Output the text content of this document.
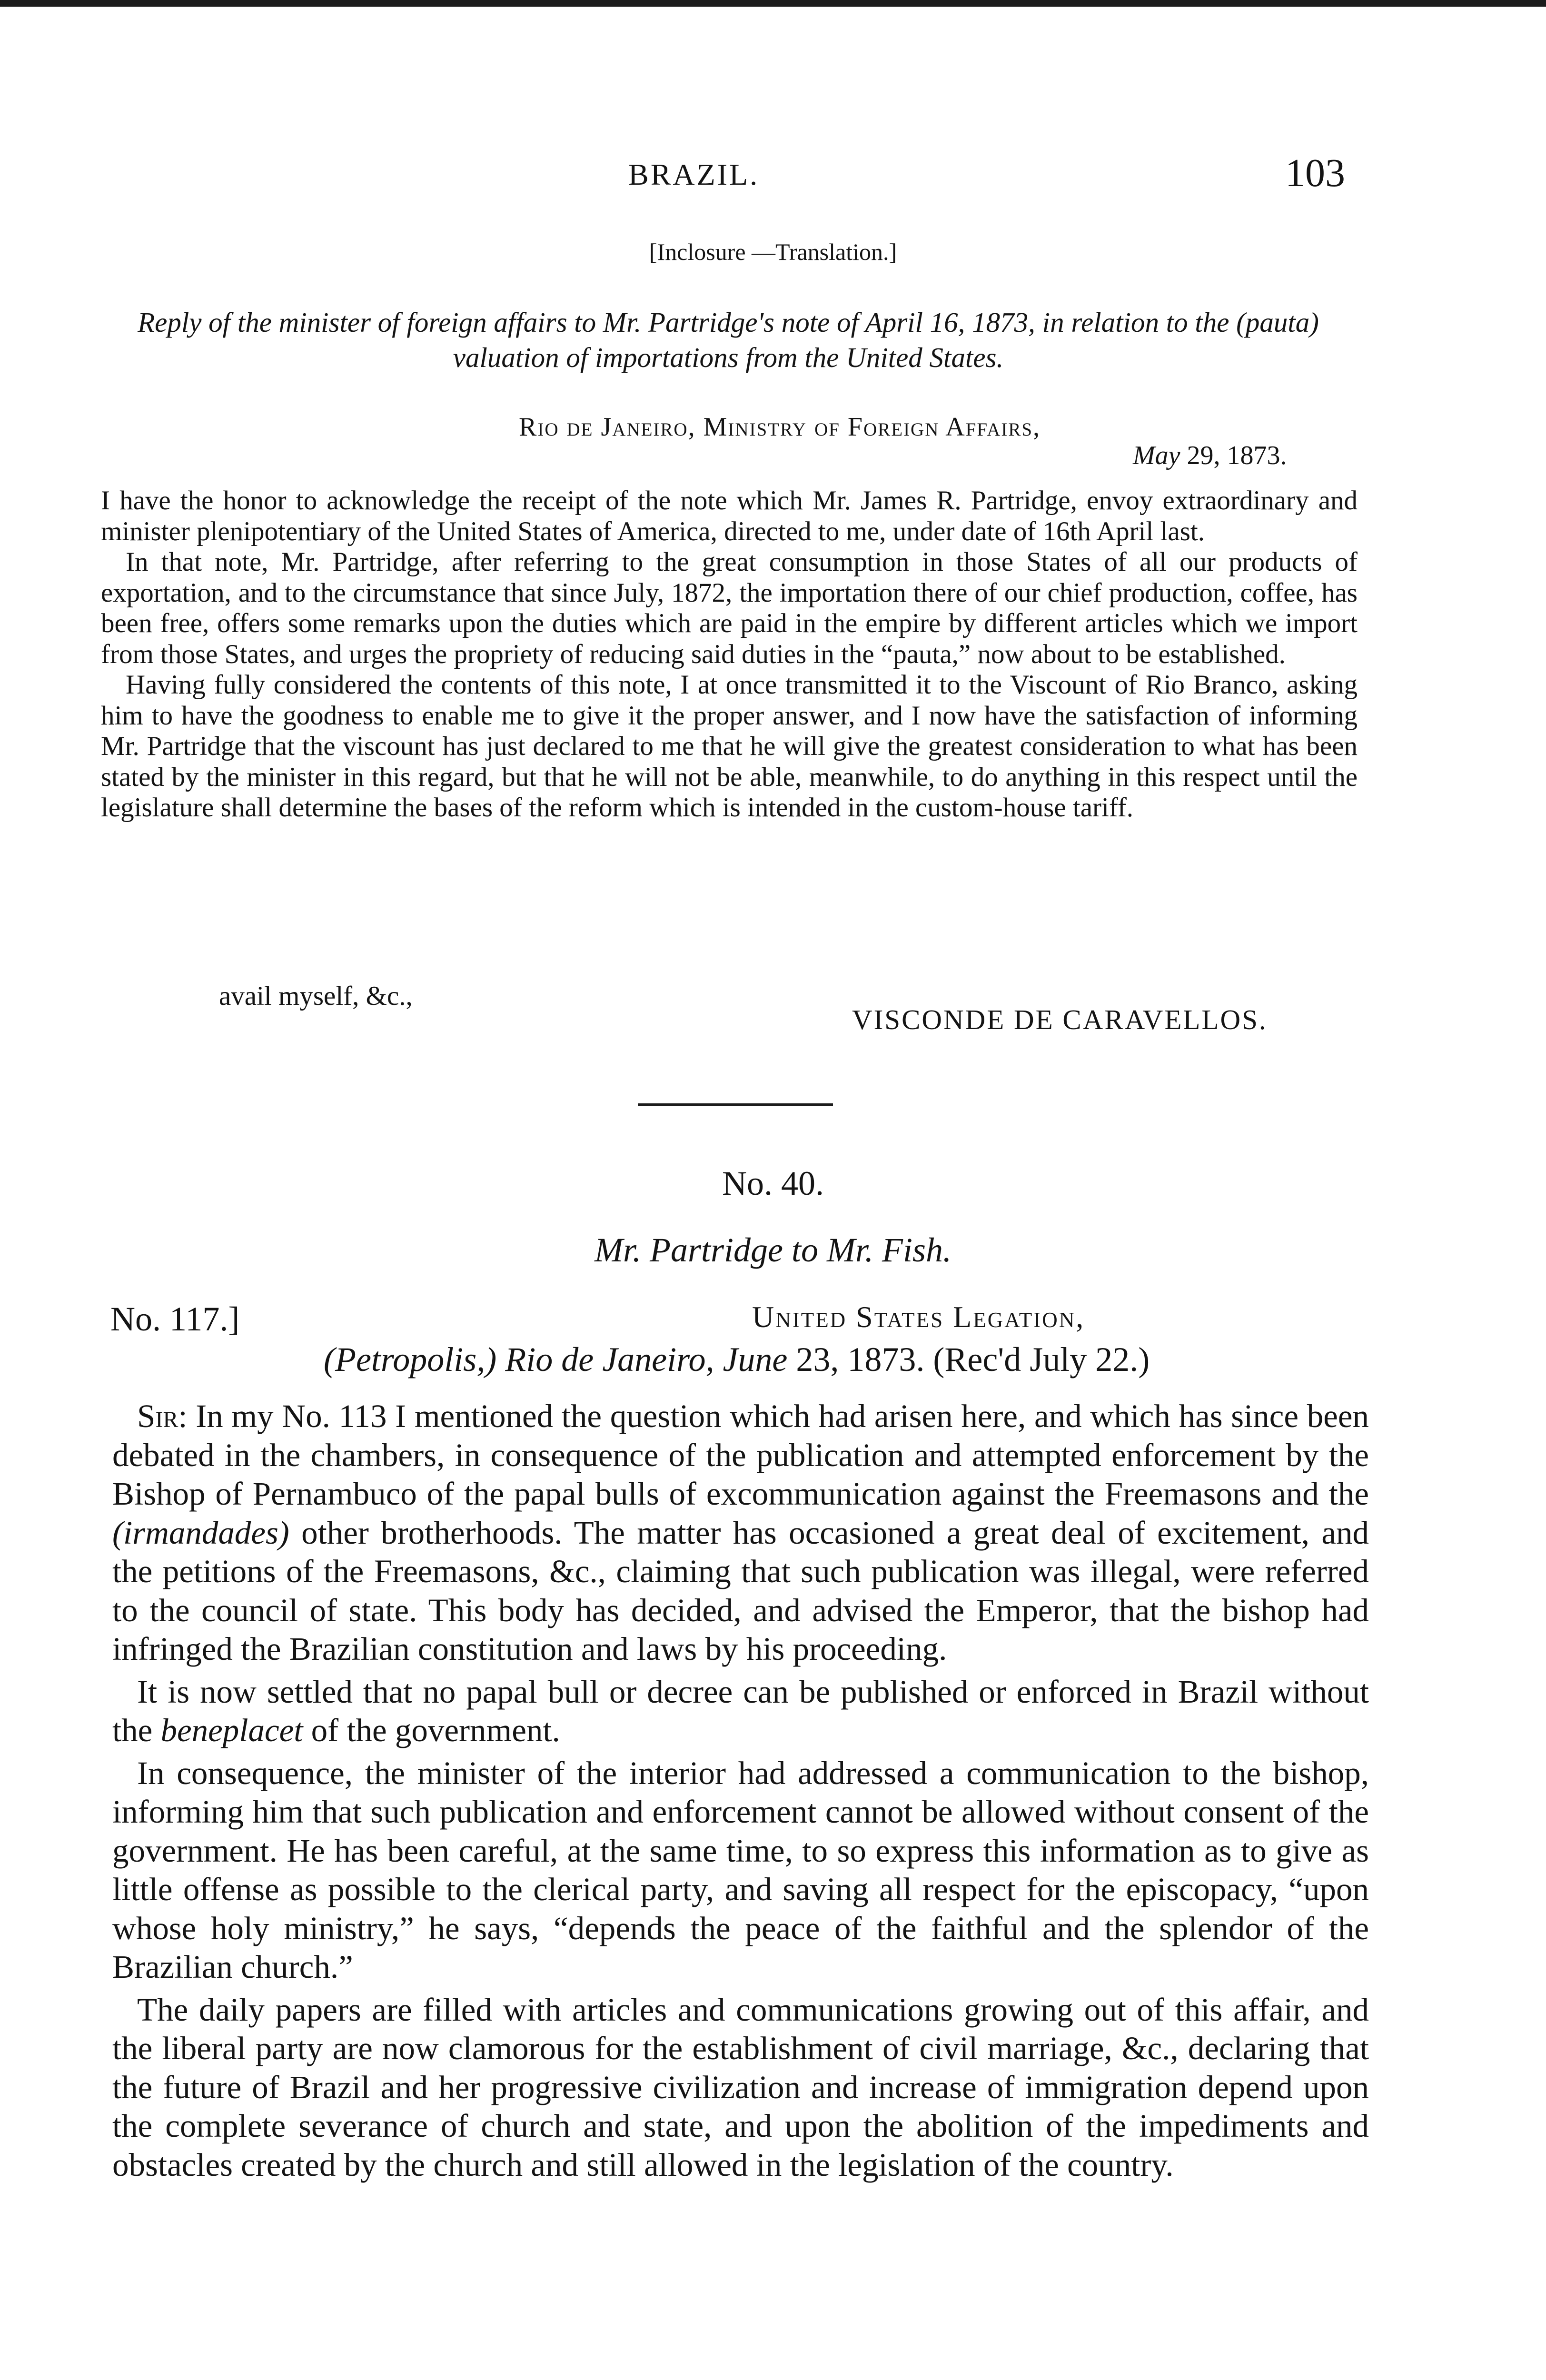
BRAZIL.	103
[Inclosure —Translation.]
Reply of the minister of foreign affairs to Mr. Partridge's note of April 16, 1873, in relation to the (pauta) valuation of importations from the United States.
Rio de Janeiro, Ministry of Foreign Affairs,
May 29, 1873.

I have the honor to acknowledge the receipt of the note which Mr. James R. Partridge, envoy extraordinary and minister plenipotentiary of the United States of America, directed to me, under date of 16th April last.

In that note, Mr. Partridge, after referring to the great consumption in those States of all our products of exportation, and to the circumstance that since July, 1872, the importation there of our chief production, coffee, has been free, offers some remarks upon the duties which are paid in the empire by different articles which we import from those States, and urges the propriety of reducing said duties in the “pauta,” now about to be established.

Having fully considered the contents of this note, I at once transmitted it to the Viscount of Rio Branco, asking him to have the goodness to enable me to give it the proper answer, and I now have the satisfaction of informing Mr. Partridge that the viscount has just declared to me that he will give the greatest consideration to what has been stated by the minister in this regard, but that he will not be able, meanwhile, to do anything in this respect until the legislature shall determine the bases of the reform which is intended in the custom-house tariff.

avail myself, &c.,
VISCONDE DE CARAVELLOS.
No. 40.
Mr. Partridge to Mr. Fish.
No. 117.]	United States Legation,
(Petropolis,) Rio de Janeiro, June 23, 1873. (Rec'd July 22.)

Sir: In my No. 113 I mentioned the question which had arisen here, and which has since been debated in the chambers, in consequence of the publication and attempted enforcement by the Bishop of Pernambuco of the papal bulls of excommunication against the Freemasons and the (irmandades) other brotherhoods. The matter has occasioned a great deal of excitement, and the petitions of the Freemasons, &c., claiming that such publication was illegal, were referred to the council of state. This body has decided, and advised the Emperor, that the bishop had infringed the Brazilian constitution and laws by his proceeding.

It is now settled that no papal bull or decree can be published or enforced in Brazil without the beneplacet of the government.

In consequence, the minister of the interior had addressed a communication to the bishop, informing him that such publication and enforcement cannot be allowed without consent of the government. He has been careful, at the same time, to so express this information as to give as little offense as possible to the clerical party, and saving all respect for the episcopacy, “upon whose holy ministry,” he says, “depends the peace of the faithful and the splendor of the Brazilian church.”

The daily papers are filled with articles and communications growing out of this affair, and the liberal party are now clamorous for the establishment of civil marriage, &c., declaring that the future of Brazil and her progressive civilization and increase of immigration depend upon the complete severance of church and state, and upon the abolition of the impediments and obstacles created by the church and still allowed in the legislation of the country.
